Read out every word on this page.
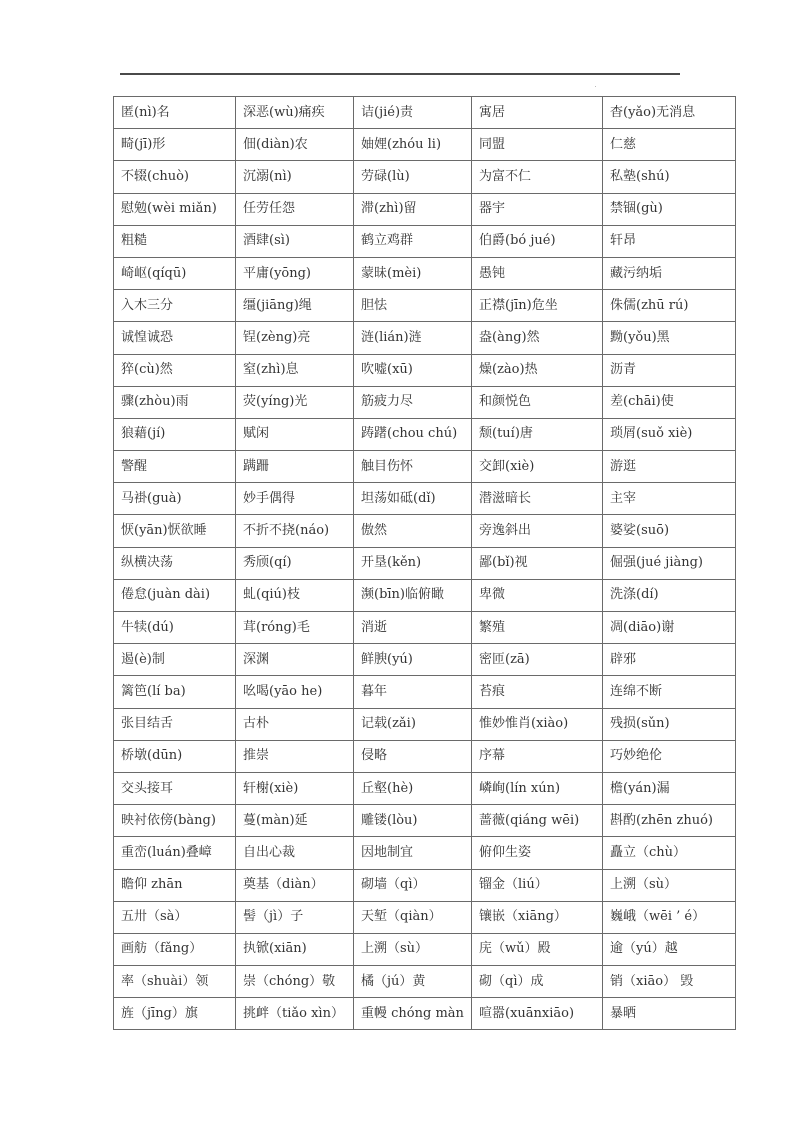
匿(nì)名	深恶(wù)痛疾	诘(jié)责	寓居	杳(yǎo)无消息
畸(jī)形	佃(diàn)农	妯娌(zhóu li)	同盟	仁慈
不辍(chuò)	沉溺(nì)	劳碌(lù)	为富不仁	私塾(shú)
慰勉(wèi miǎn)	任劳任怨	滞(zhì)留	器宇	禁锢(gù)
粗糙	酒肆(sì)	鹤立鸡群	伯爵(bó jué)	轩昂
崎岖(qíqū)	平庸(yōng)	蒙昧(mèi)	愚钝	藏污纳垢
入木三分	缰(jiāng)绳	胆怯	正襟(jīn)危坐	侏儒(zhū rú)
诚惶诚恐	锃(zèng)亮	涟(lián)涟	盎(àng)然	黝(yǒu)黑
猝(cù)然	窒(zhì)息	吹嘘(xū)	燥(zào)热	沥青
骤(zhòu)雨	荧(yíng)光	筋疲力尽	和颜悦色	差(chāi)使
狼藉(jí)	赋闲	踌躇(chou chú)	颓(tuí)唐	琐屑(suǒ xiè)
警醒	蹒跚	触目伤怀	交卸(xiè)	游逛
马褂(guà)	妙手偶得	坦荡如砥(dǐ)	潜滋暗长	主宰
恹(yān)恹欲睡	不折不挠(náo)	傲然	旁逸斜出	婆娑(suō)
纵横决荡	秀颀(qí)	开垦(kěn)	鄙(bǐ)视	倔强(jué jiàng)
倦怠(juàn dài)	虬(qiú)枝	濒(bīn)临俯瞰	卑微	洗涤(dí)
牛犊(dú)	茸(róng)毛	消逝	繁殖	凋(diāo)谢
遏(è)制	深渊	鲜腴(yú)	密匝(zā)	辟邪
篱笆(lí ba)	吆喝(yāo he)	暮年	苔痕	连绵不断
张目结舌	古朴	记载(zǎi)	惟妙惟肖(xiào)	残损(sǔn)
桥墩(dūn)	推崇	侵略	序幕	巧妙绝伦
交头接耳	轩榭(xiè)	丘壑(hè)	嶙峋(lín xún)	檐(yán)漏
映衬依傍(bàng)	蔓(màn)延	雕镂(lòu)	蔷薇(qiáng wēi)	斟酌(zhēn zhuó)
重峦(luán)叠嶂	自出心裁	因地制宜	俯仰生姿	矗立（chù）
瞻仰 zhān	奠基（diàn）	砌墙（qì）	镏金（liú）	上溯（sù）
五卅（sà）	髻（jì）子	天堑（qiàn）	镶嵌（xiāng）	巍峨（wēi ’ é）
画舫（fǎng）	执锨(xiān)	上溯（sù）	庑（wǔ）殿	逾（yú）越
率（shuài）领	崇（chóng）敬	橘（jú）黄	砌（qì）成	销（xiāo） 毁
旌（jīng）旗	挑衅（tiǎo xìn）	重幔 chóng màn	喧嚣(xuānxiāo)	暴晒
